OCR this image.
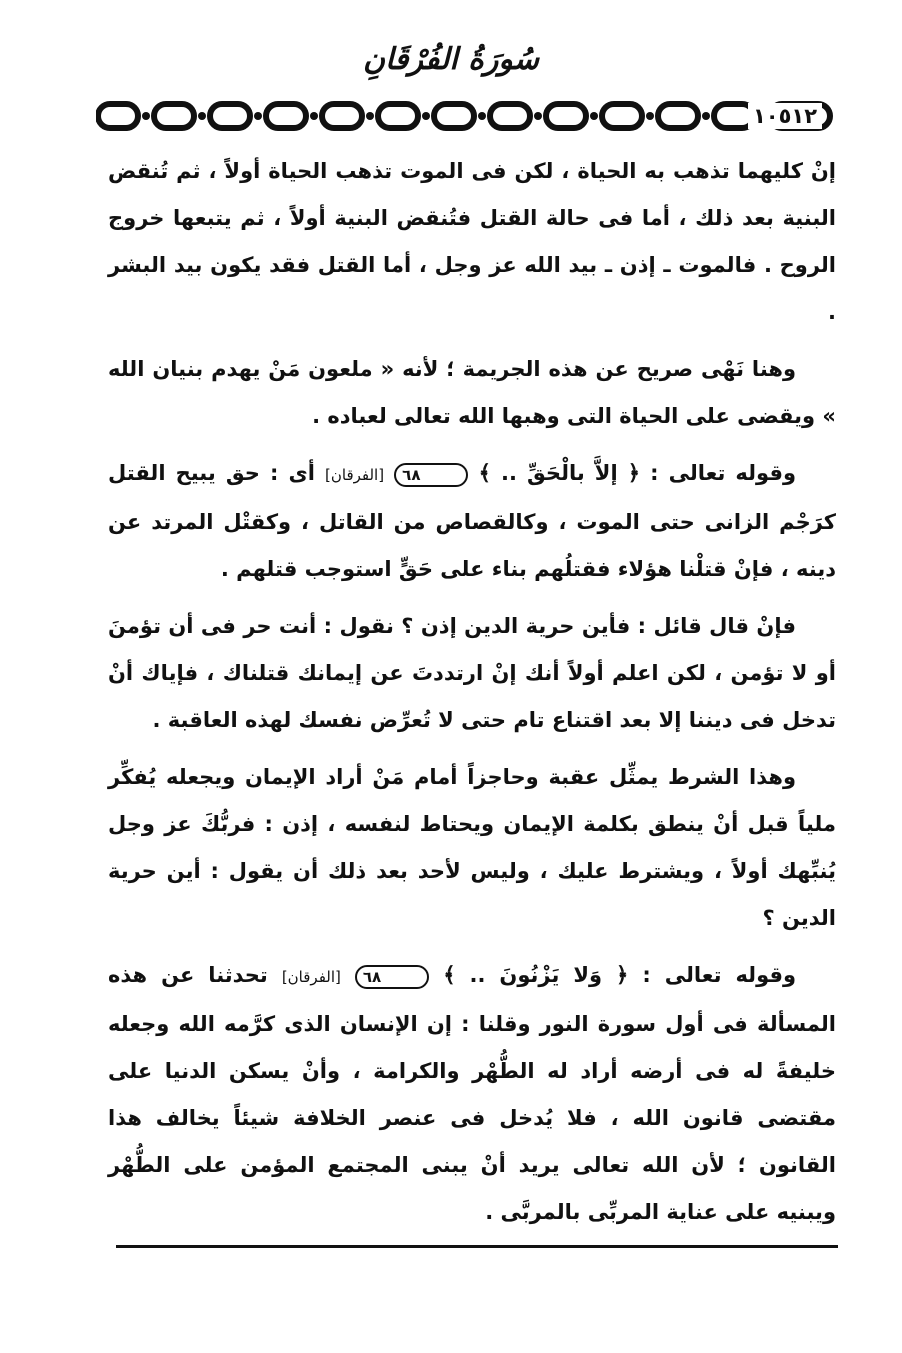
سُورَةُ الفُرْقَانِ
١٠٥١٢

إنْ كليهما تذهب به الحياة ، لكن فى الموت تذهب الحياة أولاً ، ثم تُنقض البنية بعد ذلك ، أما فى حالة القتل فتُنقض البنية أولاً ، ثم يتبعها خروج الروح . فالموت ـ إذن ـ بيد الله عز وجل ، أما القتل فقد يكون بيد البشر .

وهنا نَهْى صريح عن هذه الجريمة ؛ لأنه « ملعون مَنْ يهدم بنيان الله » ويقضى على الحياة التى وهبها الله تعالى لعباده .

وقوله تعالى : ﴿ إلاَّ بالْحَقِّ .. ﴾ ٦٨ [الفرقان] أى : حق يبيح القتل كرَجْم الزانى حتى الموت ، وكالقصاص من القاتل ، وكقتْل المرتد عن دينه ، فإنْ قتلْنا هؤلاء فقتلُهم بناء على حَقٍّ استوجب قتلهم .

فإنْ قال قائل : فأين حرية الدين إذن ؟ نقول : أنت حر فى أن تؤمنَ أو لا تؤمن ، لكن اعلم أولاً أنك إنْ ارتددتَ عن إيمانك قتلناك ، فإياك أنْ تدخل فى ديننا إلا بعد اقتناع تام حتى لا تُعرِّض نفسك لهذه العاقبة .

وهذا الشرط يمثِّل عقبة وحاجزاً أمام مَنْ أراد الإيمان ويجعله يُفكِّر ملياً قبل أنْ ينطق بكلمة الإيمان ويحتاط لنفسه ، إذن : فربُّكَ عز وجل يُنبِّهك أولاً ، ويشترط عليك ، وليس لأحد بعد ذلك أن يقول : أين حرية الدين ؟

وقوله تعالى : ﴿ وَلا يَزْنُونَ .. ﴾ ٦٨ [الفرقان] تحدثنا عن هذه المسألة فى أول سورة النور وقلنا : إن الإنسان الذى كرَّمه الله وجعله خليفةً له فى أرضه أراد له الطُّهْر والكرامة ، وأنْ يسكن الدنيا على مقتضى قانون الله ، فلا يُدخل فى عنصر الخلافة شيئاً يخالف هذا القانون ؛ لأن الله تعالى يريد أنْ يبنى المجتمع المؤمن على الطُّهْر ويبنيه على عناية المربِّى بالمربَّى .
